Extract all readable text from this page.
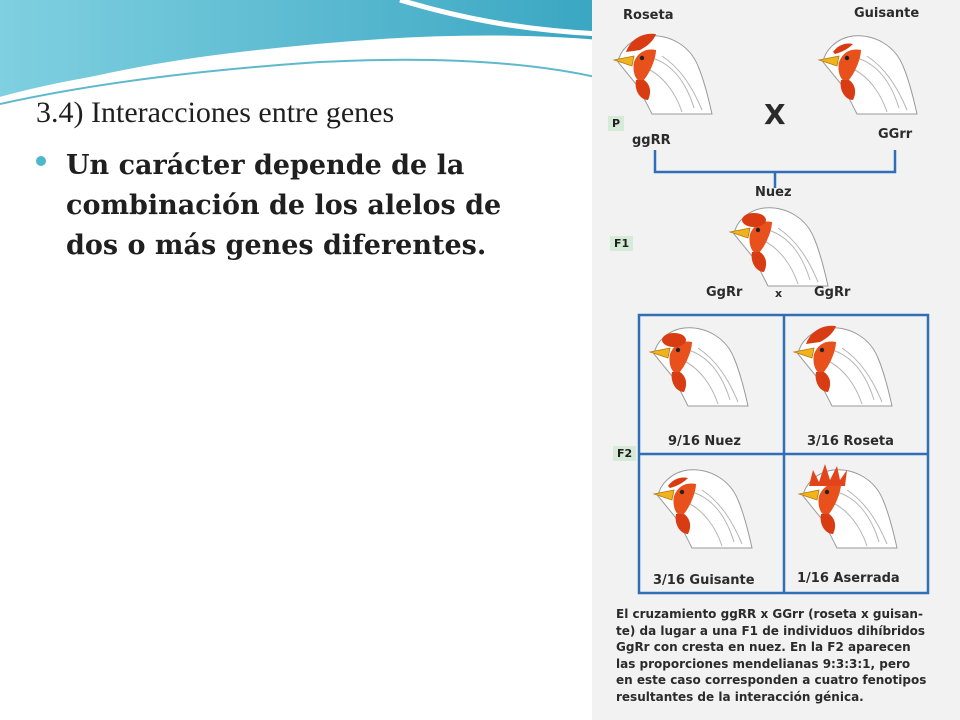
3.4) Interacciones entre genes
Un carácter depende de la combinación de los alelos de dos o más genes diferentes.
Roseta	Guisante
P	X
ggRR	GGrr
Nuez
F1
GgRr	x GgRr
F2
9/16 Nuez	3/16 Roseta
3/16 Guisante	1/16 Aserrada
El cruzamiento ggRR x GGrr (roseta x guisan-
te) da lugar a una F1 de individuos dihíbridos
GgRr con cresta en nuez. En la F2 aparecen
las proporciones mendelianas 9:3:3:1, pero
en este caso corresponden a cuatro fenotipos
resultantes de la interacción génica.
